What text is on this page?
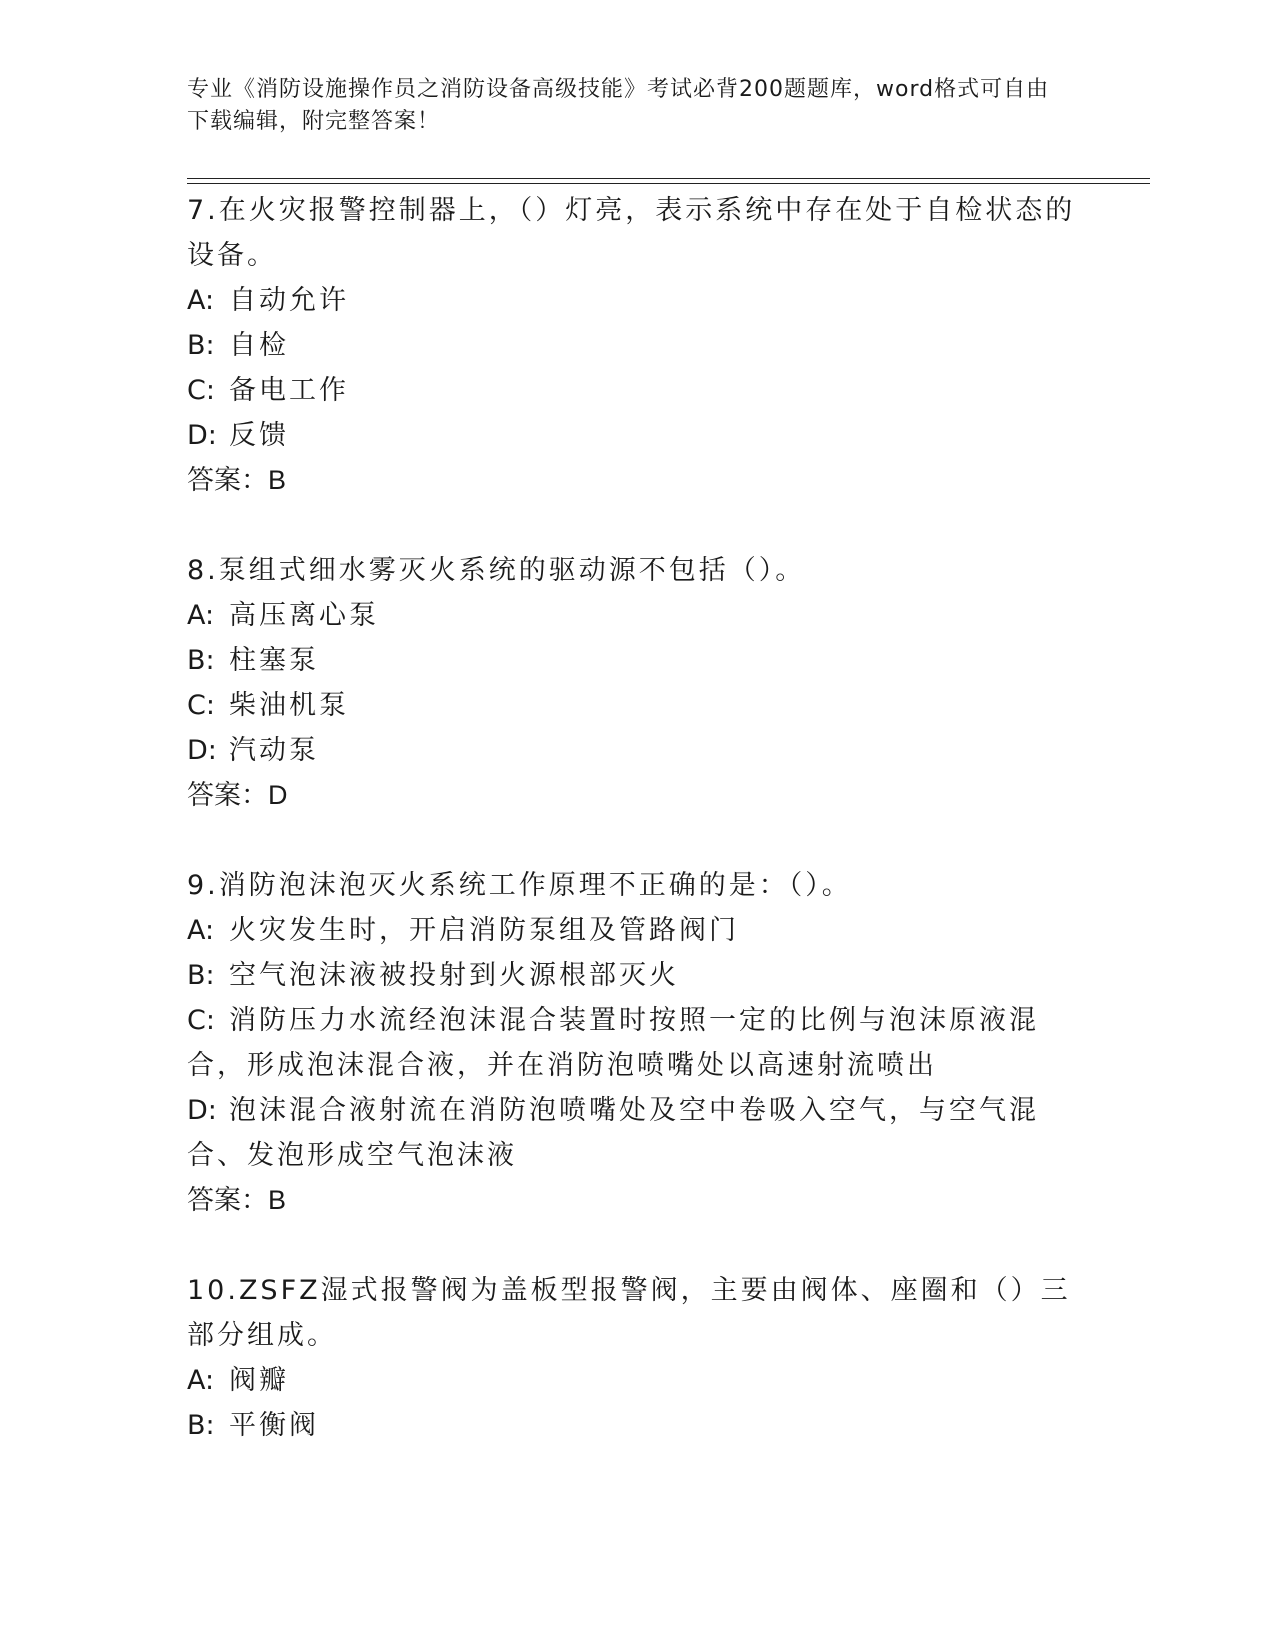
专业《消防设施操作员之消防设备高级技能》考试必背200题题库，word格式可自由下载编辑，附完整答案！

7.在火灾报警控制器上，（）灯亮，表示系统中存在处于自检状态的设备。

A: 自动允许

B: 自检

C: 备电工作

D: 反馈

答案：B

8.泵组式细水雾灭火系统的驱动源不包括（）。

A: 高压离心泵

B: 柱塞泵

C: 柴油机泵

D: 汽动泵

答案：D

9.消防泡沫泡灭火系统工作原理不正确的是：（）。

A: 火灾发生时，开启消防泵组及管路阀门

B: 空气泡沫液被投射到火源根部灭火

C: 消防压力水流经泡沫混合装置时按照一定的比例与泡沫原液混合，形成泡沫混合液，并在消防泡喷嘴处以高速射流喷出

D: 泡沫混合液射流在消防泡喷嘴处及空中卷吸入空气，与空气混合、发泡形成空气泡沫液

答案：B

10.ZSFZ湿式报警阀为盖板型报警阀，主要由阀体、座圈和（）三部分组成。

A: 阀瓣

B: 平衡阀
